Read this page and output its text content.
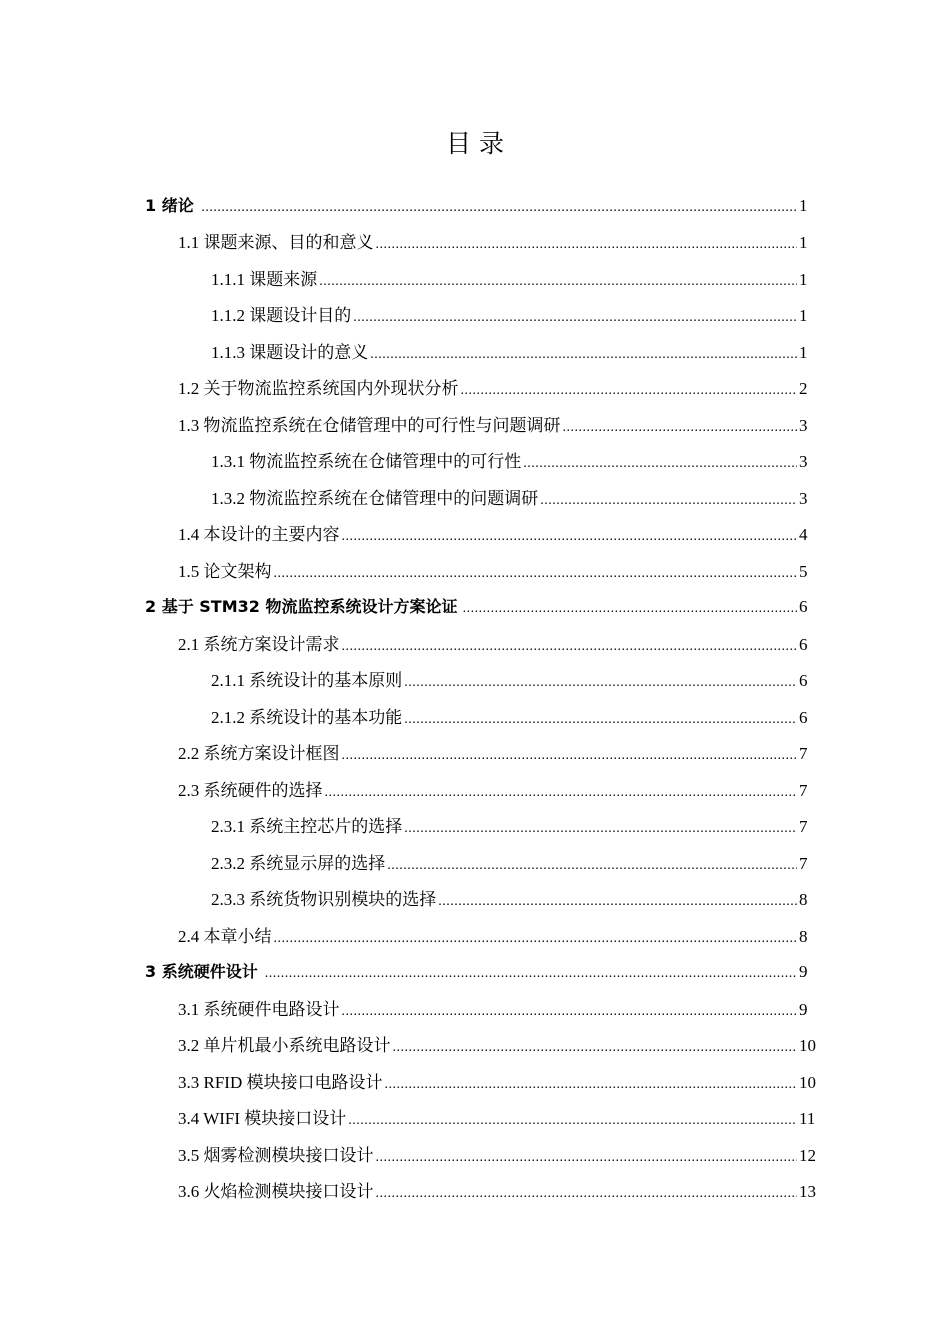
目 录
1 绪论 .....	1
1.1 课题来源、目的和意义 .....	1
1.1.1 课题来源 .....	1
1.1.2 课题设计目的 .....	1
1.1.3 课题设计的意义 .....	1
1.2 关于物流监控系统国内外现状分析 .....	2
1.3 物流监控系统在仓储管理中的可行性与问题调研 .....	3
1.3.1 物流监控系统在仓储管理中的可行性 .....	3
1.3.2 物流监控系统在仓储管理中的问题调研 .....	3
1.4 本设计的主要内容 .....	4
1.5 论文架构 .....	5
2 基于 STM32 物流监控系统设计方案论证 .....	6
2.1 系统方案设计需求 .....	6
2.1.1 系统设计的基本原则 .....	6
2.1.2 系统设计的基本功能 .....	6
2.2 系统方案设计框图 .....	7
2.3 系统硬件的选择 .....	7
2.3.1 系统主控芯片的选择 .....	7
2.3.2 系统显示屏的选择 .....	7
2.3.3 系统货物识别模块的选择 .....	8
2.4 本章小结 .....	8
3 系统硬件设计 .....	9
3.1 系统硬件电路设计 .....	9
3.2 单片机最小系统电路设计 .....	10
3.3 RFID 模块接口电路设计 .....	10
3.4 WIFI 模块接口设计 .....	11
3.5 烟雾检测模块接口设计 .....	12
3.6 火焰检测模块接口设计 .....	13
